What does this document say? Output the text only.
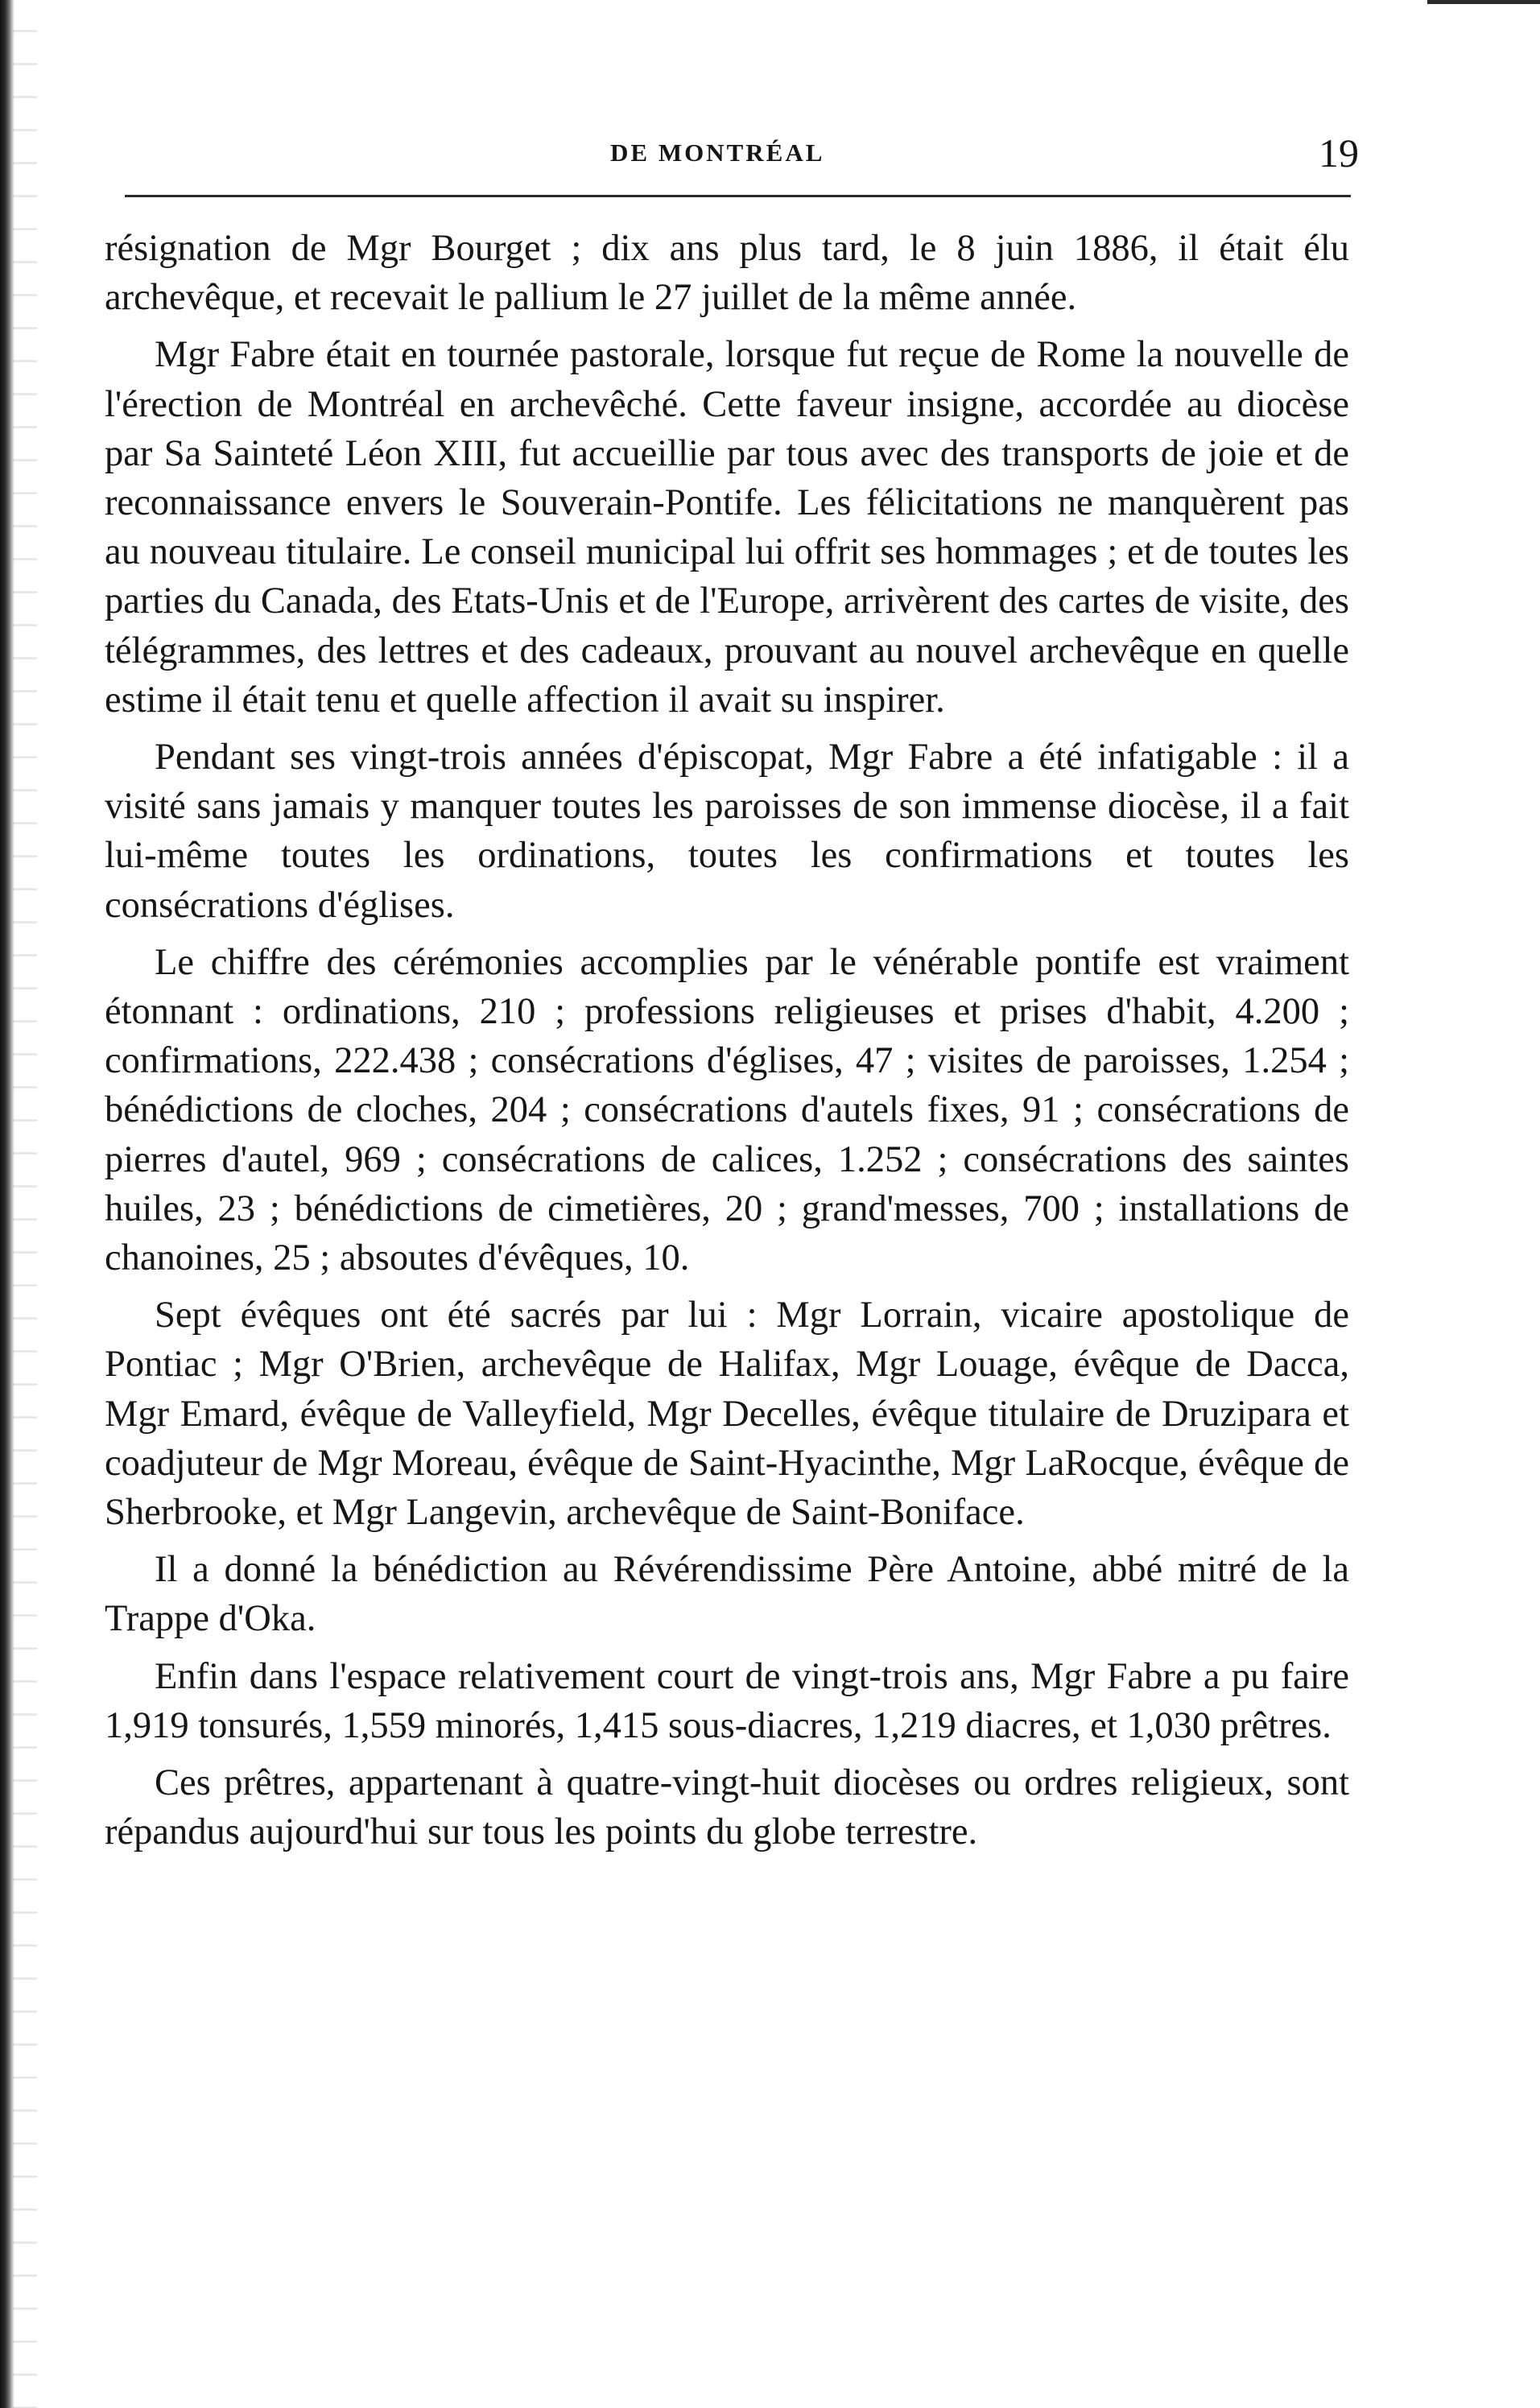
DE MONTRÉAL	19

résignation de Mgr Bourget ; dix ans plus tard, le 8 juin 1886, il était élu archevêque, et recevait le pallium le 27 juillet de la même année.

Mgr Fabre était en tournée pastorale, lorsque fut reçue de Rome la nouvelle de l'érection de Montréal en archevêché. Cette faveur insigne, accordée au diocèse par Sa Sainteté Léon XIII, fut accueillie par tous avec des transports de joie et de reconnaissance envers le Souverain-Pontife. Les félicitations ne manquèrent pas au nouveau titulaire. Le conseil municipal lui offrit ses hommages ; et de toutes les parties du Canada, des Etats-Unis et de l'Europe, arrivèrent des cartes de visite, des télégrammes, des lettres et des cadeaux, prouvant au nouvel archevêque en quelle estime il était tenu et quelle affection il avait su inspirer.

Pendant ses vingt-trois années d'épiscopat, Mgr Fabre a été infatigable : il a visité sans jamais y manquer toutes les paroisses de son immense diocèse, il a fait lui-même toutes les ordinations, toutes les confirmations et toutes les consécrations d'églises.

Le chiffre des cérémonies accomplies par le vénérable pontife est vraiment étonnant : ordinations, 210 ; professions religieuses et prises d'habit, 4.200 ; confirmations, 222.438 ; consécrations d'églises, 47 ; visites de paroisses, 1.254 ; bénédictions de cloches, 204 ; consécrations d'autels fixes, 91 ; consécrations de pierres d'autel, 969 ; consécrations de calices, 1.252 ; consécrations des saintes huiles, 23 ; bénédictions de cimetières, 20 ; grand'messes, 700 ; installations de chanoines, 25 ; absoutes d'évêques, 10.

Sept évêques ont été sacrés par lui : Mgr Lorrain, vicaire apostolique de Pontiac ; Mgr O'Brien, archevêque de Halifax, Mgr Louage, évêque de Dacca, Mgr Emard, évêque de Valleyfield, Mgr Decelles, évêque titulaire de Druzipara et coadjuteur de Mgr Moreau, évêque de Saint-Hyacinthe, Mgr LaRocque, évêque de Sherbrooke, et Mgr Langevin, archevêque de Saint-Boniface.

Il a donné la bénédiction au Révérendissime Père Antoine, abbé mitré de la Trappe d'Oka.

Enfin dans l'espace relativement court de vingt-trois ans, Mgr Fabre a pu faire 1,919 tonsurés, 1,559 minorés, 1,415 sous-diacres, 1,219 diacres, et 1,030 prêtres.

Ces prêtres, appartenant à quatre-vingt-huit diocèses ou ordres religieux, sont répandus aujourd'hui sur tous les points du globe terrestre.
